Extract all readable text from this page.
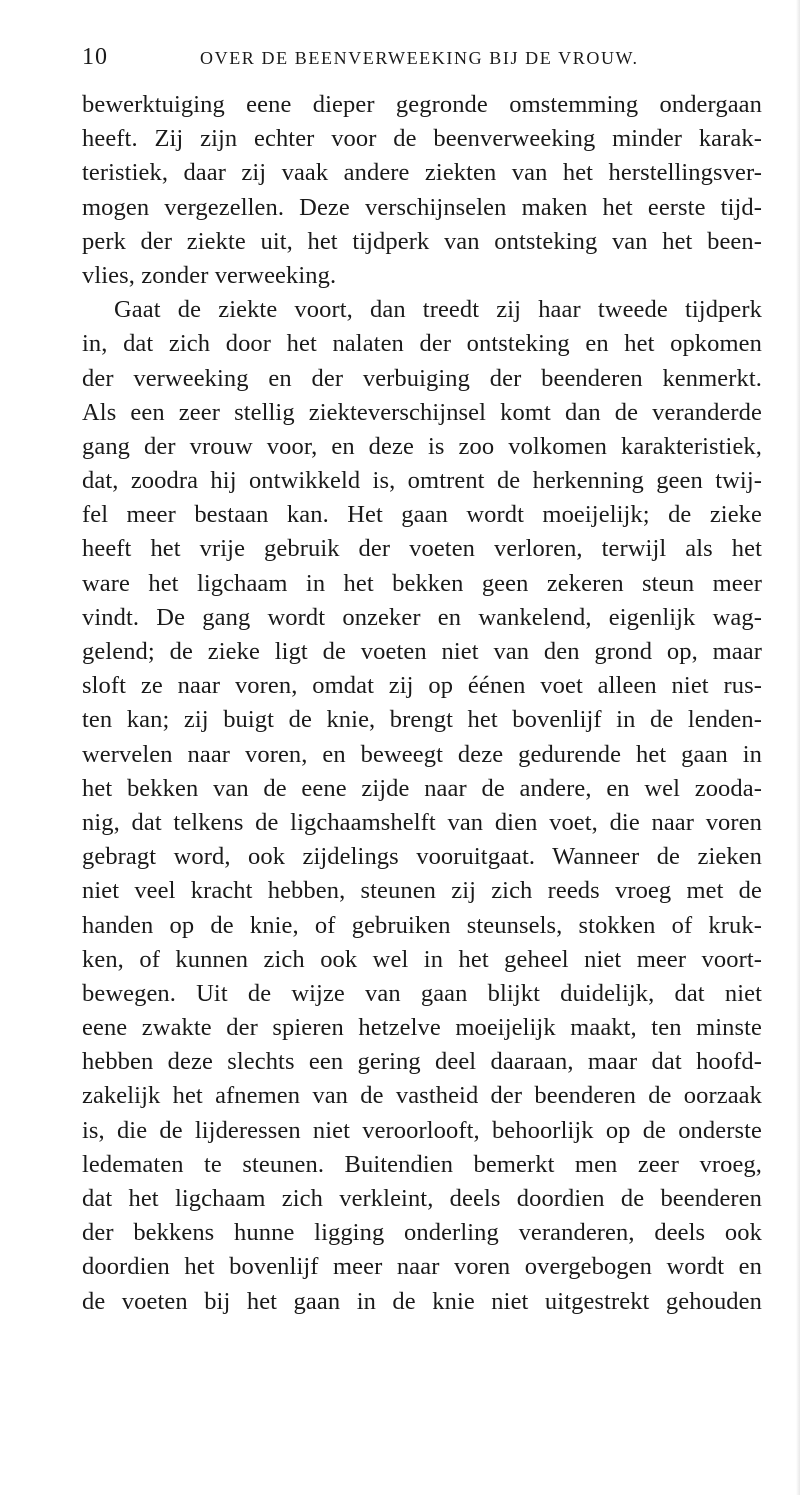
10	OVER DE BEENVERWEEKING BIJ DE VROUW.
bewerktuiging eene dieper gegronde omstemming ondergaan
heeft. Zij zijn echter voor de beenverweeking minder karak-
teristiek, daar zij vaak andere ziekten van het herstellingsver-
mogen vergezellen. Deze verschijnselen maken het eerste tijd-
perk der ziekte uit, het tijdperk van ontsteking van het been-
vlies, zonder verweeking.
Gaat de ziekte voort, dan treedt zij haar tweede tijdperk
in, dat zich door het nalaten der ontsteking en het opkomen
der verweeking en der verbuiging der beenderen kenmerkt.
Als een zeer stellig ziekteverschijnsel komt dan de veranderde
gang der vrouw voor, en deze is zoo volkomen karakteristiek,
dat, zoodra hij ontwikkeld is, omtrent de herkenning geen twij-
fel meer bestaan kan. Het gaan wordt moeijelijk; de zieke
heeft het vrije gebruik der voeten verloren, terwijl als het
ware het ligchaam in het bekken geen zekeren steun meer
vindt. De gang wordt onzeker en wankelend, eigenlijk wag-
gelend; de zieke ligt de voeten niet van den grond op, maar
sloft ze naar voren, omdat zij op éénen voet alleen niet rus-
ten kan; zij buigt de knie, brengt het bovenlijf in de lenden-
wervelen naar voren, en beweegt deze gedurende het gaan in
het bekken van de eene zijde naar de andere, en wel zooda-
nig, dat telkens de ligchaamshelft van dien voet, die naar voren
gebragt word, ook zijdelings vooruitgaat. Wanneer de zieken
niet veel kracht hebben, steunen zij zich reeds vroeg met de
handen op de knie, of gebruiken steunsels, stokken of kruk-
ken, of kunnen zich ook wel in het geheel niet meer voort-
bewegen. Uit de wijze van gaan blijkt duidelijk, dat niet
eene zwakte der spieren hetzelve moeijelijk maakt, ten minste
hebben deze slechts een gering deel daaraan, maar dat hoofd-
zakelijk het afnemen van de vastheid der beenderen de oorzaak
is, die de lijderessen niet veroorlooft, behoorlijk op de onderste
ledematen te steunen. Buitendien bemerkt men zeer vroeg,
dat het ligchaam zich verkleint, deels doordien de beenderen
der bekkens hunne ligging onderling veranderen, deels ook
doordien het bovenlijf meer naar voren overgebogen wordt en
de voeten bij het gaan in de knie niet uitgestrekt gehouden
